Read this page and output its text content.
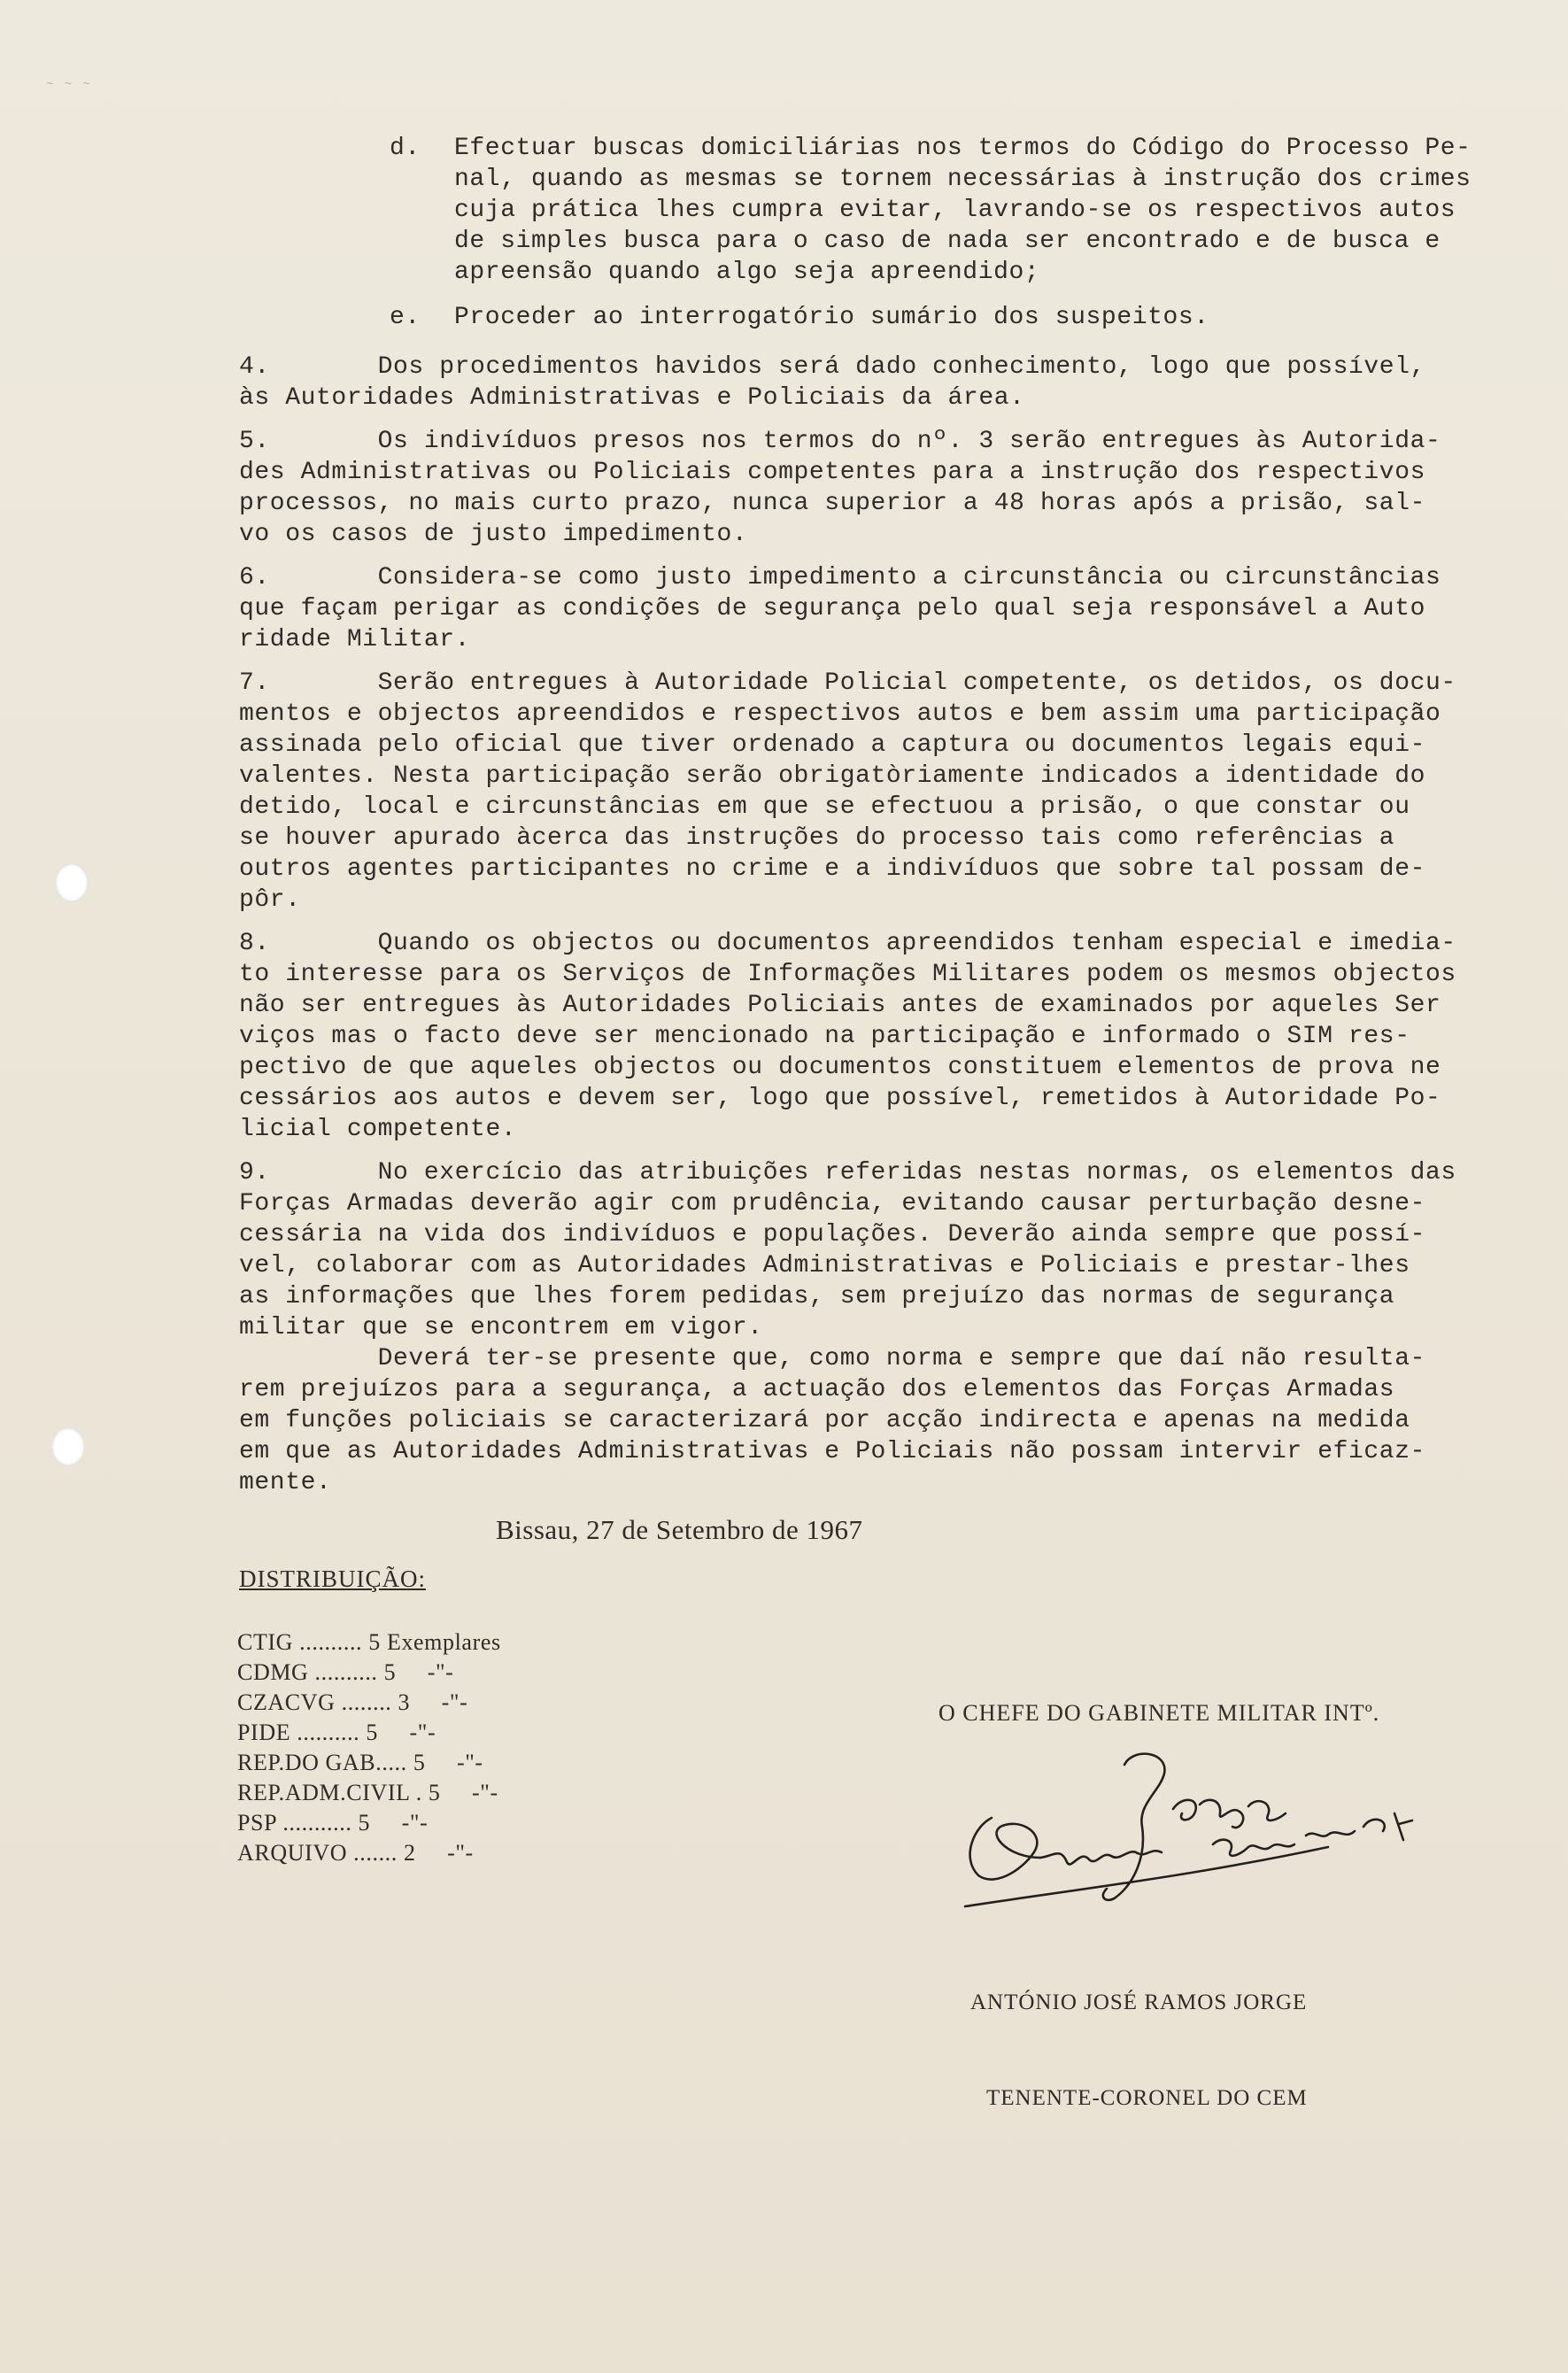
~ ~ ~

d. Efectuar buscas domiciliárias nos termos do Código do Processo Pe-

nal, quando as mesmas se tornem necessárias à instrução dos crimes

cuja prática lhes cumpra evitar, lavrando-se os respectivos autos

de simples busca para o caso de nada ser encontrado e de busca e

apreensão quando algo seja apreendido;

e. Proceder ao interrogatório sumário dos suspeitos.

4.       Dos procedimentos havidos será dado conhecimento, logo que possível,

às Autoridades Administrativas e Policiais da área.

5.       Os indivíduos presos nos termos do nº. 3 serão entregues às Autorida-

des Administrativas ou Policiais competentes para a instrução dos respectivos

processos, no mais curto prazo, nunca superior a 48 horas após a prisão, sal-

vo os casos de justo impedimento.

6.       Considera-se como justo impedimento a circunstância ou circunstâncias

que façam perigar as condições de segurança pelo qual seja responsável a Auto

ridade Militar.

7.       Serão entregues à Autoridade Policial competente, os detidos, os docu-

mentos e objectos apreendidos e respectivos autos e bem assim uma participação

assinada pelo oficial que tiver ordenado a captura ou documentos legais equi-

valentes. Nesta participação serão obrigatòriamente indicados a identidade do

detido, local e circunstâncias em que se efectuou a prisão, o que constar ou

se houver apurado àcerca das instruções do processo tais como referências a

outros agentes participantes no crime e a indivíduos que sobre tal possam de-

pôr.

8.       Quando os objectos ou documentos apreendidos tenham especial e imedia-

to interesse para os Serviços de Informações Militares podem os mesmos objectos

não ser entregues às Autoridades Policiais antes de examinados por aqueles Ser

viços mas o facto deve ser mencionado na participação e informado o SIM res-

pectivo de que aqueles objectos ou documentos constituem elementos de prova ne

cessários aos autos e devem ser, logo que possível, remetidos à Autoridade Po-

licial competente.

9.       No exercício das atribuições referidas nestas normas, os elementos das

Forças Armadas deverão agir com prudência, evitando causar perturbação desne-

cessária na vida dos indivíduos e populações. Deverão ainda sempre que possí-

vel, colaborar com as Autoridades Administrativas e Policiais e prestar-lhes

as informações que lhes forem pedidas, sem prejuízo das normas de segurança

militar que se encontrem em vigor.

Deverá ter-se presente que, como norma e sempre que daí não resulta-

rem prejuízos para a segurança, a actuação dos elementos das Forças Armadas

em funções policiais se caracterizará por acção indirecta e apenas na medida

em que as Autoridades Administrativas e Policiais não possam intervir eficaz-

mente.

Bissau, 27 de Setembro de 1967
DISTRIBUIÇÃO:
CTIG .......... 5 Exemplares
CDMG .......... 5     -"-
CZACVG ........ 3     -"-
PIDE .......... 5     -"-
REP.DO GAB..... 5     -"-
REP.ADM.CIVIL . 5     -"-
PSP ........... 5     -"-
ARQUIVO ....... 2     -"-
O CHEFE DO GABINETE MILITAR INTº.

ANTÓNIO JOSÉ RAMOS JORGE

TENENTE-CORONEL DO CEM
